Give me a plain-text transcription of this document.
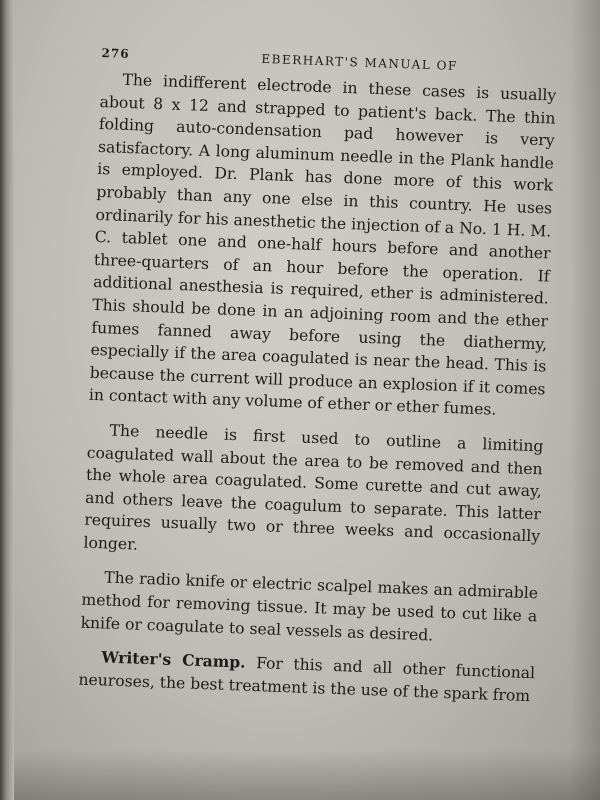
276	EBERHART'S MANUAL OF

The indifferent electrode in these cases is usually about 8 x 12 and strapped to patient's back. The thin folding auto-condensation pad however is very satisfactory. A long aluminum needle in the Plank handle is employed. Dr. Plank has done more of this work probably than any one else in this country. He uses ordinarily for his anesthetic the injection of a No. 1 H. M. C. tablet one and one-half hours before and another three-quarters of an hour before the operation. If additional anesthesia is required, ether is administered. This should be done in an adjoining room and the ether fumes fanned away before using the diathermy, especially if the area coagulated is near the head. This is because the current will produce an explosion if it comes in contact with any volume of ether or ether fumes.

The needle is first used to outline a limiting coagulated wall about the area to be removed and then the whole area coagulated. Some curette and cut away, and others leave the coagulum to separate. This latter requires usually two or three weeks and occasionally longer.

The radio knife or electric scalpel makes an admirable method for removing tissue. It may be used to cut like a knife or coagulate to seal vessels as desired.

Writer's Cramp. For this and all other functional neuroses, the best treatment is the use of the spark from
